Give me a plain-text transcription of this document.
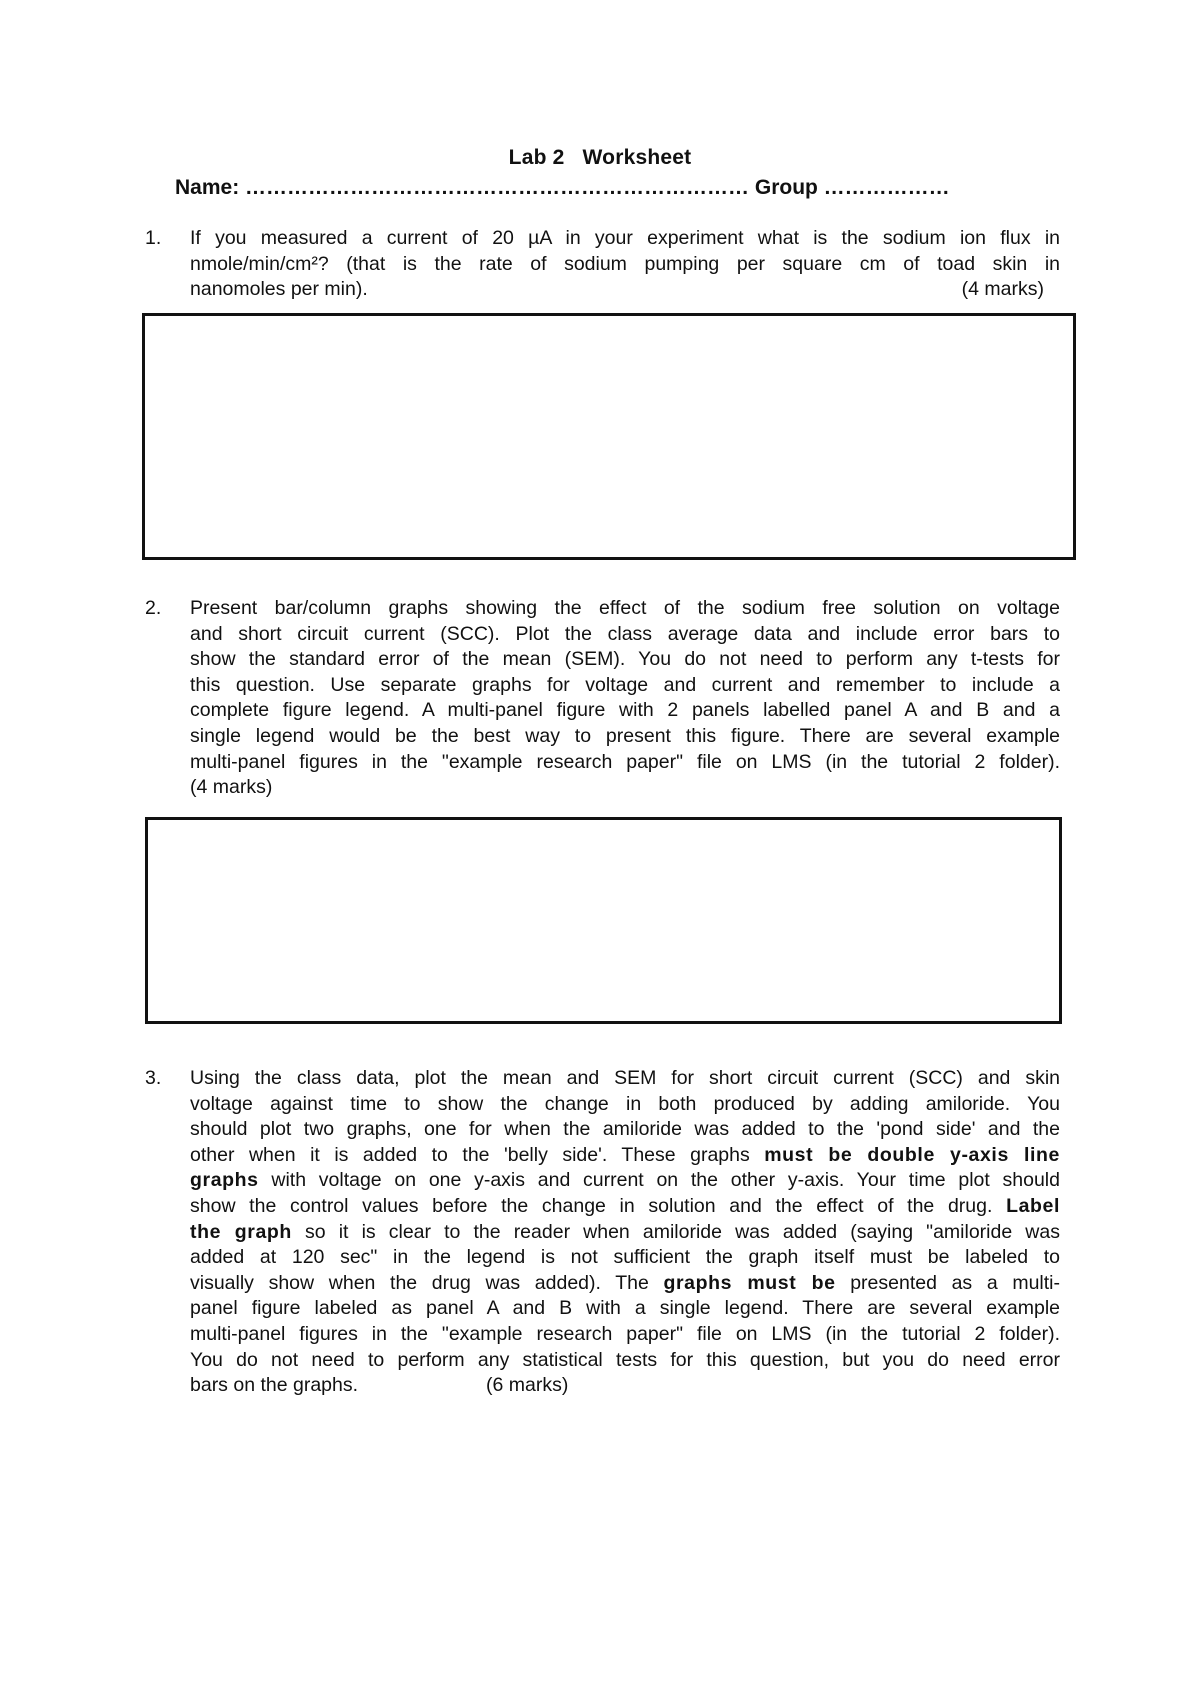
Lab 2 Worksheet
Name: ……………………………………………………………… Group ………………
1.	If you measured a current of 20 µA in your experiment what is the sodium ion flux in
nmole/min/cm²? (that is the rate of sodium pumping per square cm of toad skin in
nanomoles per min).	(4 marks)
2.	Present bar/column graphs showing the effect of the sodium free solution on voltage
and short circuit current (SCC). Plot the class average data and include error bars to
show the standard error of the mean (SEM). You do not need to perform any t-tests for
this question. Use separate graphs for voltage and current and remember to include a
complete figure legend. A multi-panel figure with 2 panels labelled panel A and B and a
single legend would be the best way to present this figure. There are several example
multi-panel figures in the "example research paper" file on LMS (in the tutorial 2 folder).
(4 marks)
3.	Using the class data, plot the mean and SEM for short circuit current (SCC) and skin
voltage against time to show the change in both produced by adding amiloride. You
should plot two graphs, one for when the amiloride was added to the 'pond side' and the
other when it is added to the 'belly side'. These graphs must be double y-axis line
graphs with voltage on one y-axis and current on the other y-axis. Your time plot should
show the control values before the change in solution and the effect of the drug. Label
the graph so it is clear to the reader when amiloride was added (saying "amiloride was
added at 120 sec" in the legend is not sufficient the graph itself must be labeled to
visually show when the drug was added). The graphs must be presented as a multi-
panel figure labeled as panel A and B with a single legend. There are several example
multi-panel figures in the "example research paper" file on LMS (in the tutorial 2 folder).
You do not need to perform any statistical tests for this question, but you do need error
bars on the graphs.	(6 marks)
